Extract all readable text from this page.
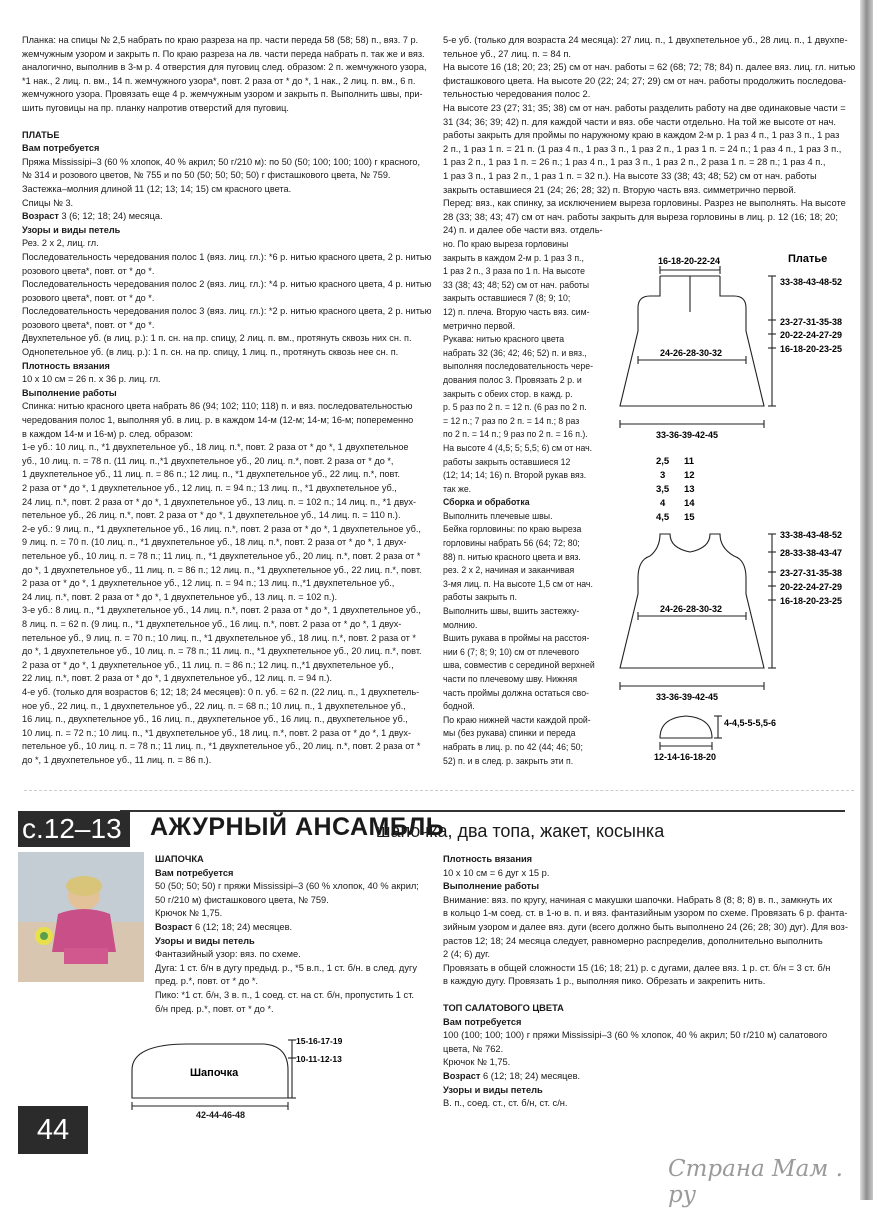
Планка: на спицы № 2,5 набрать по краю разреза на пр. части переда 58 (58; 58) п., вяз. 7 р.

жемчужным узором и закрыть п. По краю разреза на лв. части переда набрать п. так же и вяз.

аналогично, выполнив в 3-м р. 4 отверстия для пуговиц след. образом: 2 п. жемчужного узора,

*1 нак., 2 лиц. п. вм., 14 п. жемчужного узора*, повт. 2 раза от * до *, 1 нак., 2 лиц. п. вм., 6 п.

жемчужного узора. Провязать еще 4 р. жемчужным узором и закрыть п. Выполнить швы, при-

шить пуговицы на пр. планку напротив отверстий для пуговиц.

ПЛАТЬЕ

Вам потребуется

Пряжа Mississipi–3 (60 % хлопок, 40 % акрил; 50 г/210 м): по 50 (50; 100; 100; 100) г красного,

№ 314 и розового цветов, № 755 и по 50 (50; 50; 50; 50) г фисташкового цвета, № 759.

Застежка–молния длиной 11 (12; 13; 14; 15) см красного цвета.

Спицы № 3.

Возраст 3 (6; 12; 18; 24) месяца.

Узоры и виды петель

Рез. 2 х 2, лиц. гл.

Последовательность чередования полос 1 (вяз. лиц. гл.): *6 р. нитью красного цвета, 2 р. нитью

розового цвета*, повт. от * до *.

Последовательность чередования полос 2 (вяз. лиц. гл.): *4 р. нитью красного цвета, 4 р. нитью

розового цвета*, повт. от * до *.

Последовательность чередования полос 3 (вяз. лиц. гл.): *2 р. нитью красного цвета, 2 р. нитью

розового цвета*, повт. от * до *.

Двухпетельное уб. (в лиц. р.): 1 п. сн. на пр. спицу, 2 лиц. п. вм., протянуть сквозь них сн. п.

Однопетельное уб. (в лиц. р.): 1 п. сн. на пр. спицу, 1 лиц. п., протянуть сквозь нее сн. п.

Плотность вязания

10 х 10 см = 26 п. х 36 р. лиц. гл.

Выполнение работы

Спинка: нитью красного цвета набрать 86 (94; 102; 110; 118) п. и вяз. последовательностью

чередования полос 1, выполняя уб. в лиц. р. в каждом 14-м (12-м; 14-м; 16-м; попеременно

в каждом 14-м и 16-м) р. след. образом:

1-е уб.: 10 лиц. п., *1 двухпетельное уб., 18 лиц. п.*, повт. 2 раза от * до *, 1 двухпетельное

уб., 10 лиц. п. = 78 п. (11 лиц. п.,*1 двухпетельное уб., 20 лиц. п.*, повт. 2 раза от * до *,

1 двухпетельное уб., 11 лиц. п. = 86 п.; 12 лиц. п., *1 двухпетельное уб., 22 лиц. п.*, повт.

2 раза от * до *, 1 двухпетельное уб., 12 лиц. п. = 94 п.; 13 лиц. п., *1 двухпетельное уб.,

24 лиц. п.*, повт. 2 раза от * до *, 1 двухпетельное уб., 13 лиц. п. = 102 п.; 14 лиц. п., *1 двух-

петельное уб., 26 лиц. п.*, повт. 2 раза от * до *, 1 двухпетельное уб., 14 лиц. п. = 110 п.).

2-е уб.: 9 лиц. п., *1 двухпетельное уб., 16 лиц. п.*, повт. 2 раза от * до *, 1 двухпетельное уб.,

9 лиц. п. = 70 п. (10 лиц. п., *1 двухпетельное уб., 18 лиц. п.*, повт. 2 раза от * до *, 1 двух-

петельное уб., 10 лиц. п. = 78 п.; 11 лиц. п., *1 двухпетельное уб., 20 лиц. п.*, повт. 2 раза от *

до *, 1 двухпетельное уб., 11 лиц. п. = 86 п.; 12 лиц. п., *1 двухпетельное уб., 22 лиц. п.*, повт.

2 раза от * до *, 1 двухпетельное уб., 12 лиц. п. = 94 п.; 13 лиц. п.,*1 двухпетельное уб.,

24 лиц. п.*, повт. 2 раза от * до *, 1 двухпетельное уб., 13 лиц. п. = 102 п.).

3-е уб.: 8 лиц. п., *1 двухпетельное уб., 14 лиц. п.*, повт. 2 раза от * до *, 1 двухпетельное уб.,

8 лиц. п. = 62 п. (9 лиц. п., *1 двухпетельное уб., 16 лиц. п.*, повт. 2 раза от * до *, 1 двух-

петельное уб., 9 лиц. п. = 70 п.; 10 лиц. п., *1 двухпетельное уб., 18 лиц. п.*, повт. 2 раза от *

до *, 1 двухпетельное уб., 10 лиц. п. = 78 п.; 11 лиц. п., *1 двухпетельное уб., 20 лиц. п.*, повт.

2 раза от * до *, 1 двухпетельное уб., 11 лиц. п. = 86 п.; 12 лиц. п.,*1 двухпетельное уб.,

22 лиц. п.*, повт. 2 раза от * до *, 1 двухпетельное уб., 12 лиц. п. = 94 п.).

4-е уб. (только для возрастов 6; 12; 18; 24 месяцев): 0 п. уб. = 62 п. (22 лиц. п., 1 двухпетель-

ное уб., 22 лиц. п., 1 двухпетельное уб., 22 лиц. п. = 68 п.; 10 лиц. п., 1 двухпетельное уб.,

16 лиц. п., двухпетельное уб., 16 лиц. п., двухпетельное уб., 16 лиц. п., двухпетельное уб.,

10 лиц. п. = 72 п.; 10 лиц. п., *1 двухпетельное уб., 18 лиц. п.*, повт. 2 раза от * до *, 1 двух-

петельное уб., 10 лиц. п. = 78 п.; 11 лиц. п., *1 двухпетельное уб., 20 лиц. п.*, повт. 2 раза от *

до *, 1 двухпетельное уб., 11 лиц. п. = 86 п.).

5-е уб. (только для возраста 24 месяца): 27 лиц. п., 1 двухпетельное уб., 28 лиц. п., 1 двухпе-

тельное уб., 27 лиц. п. = 84 п.

На высоте 16 (18; 20; 23; 25) см от нач. работы = 62 (68; 72; 78; 84) п. далее вяз. лиц. гл. нитью

фисташкового цвета. На высоте 20 (22; 24; 27; 29) см от нач. работы продолжить последова-

тельностью чередования полос 2.

На высоте 23 (27; 31; 35; 38) см от нач. работы разделить работу на две одинаковые части =

31 (34; 36; 39; 42) п. для каждой части и вяз. обе части отдельно. На той же высоте от нач.

работы закрыть для проймы по наружному краю в каждом 2-м р. 1 раз 4 п., 1 раз 3 п., 1 раз

2 п., 1 раз 1 п. = 21 п. (1 раз 4 п., 1 раз 3 п., 1 раз 2 п., 1 раз 1 п. = 24 п.; 1 раз 4 п., 1 раз 3 п.,

1 раз 2 п., 1 раз 1 п. = 26 п.; 1 раз 4 п., 1 раз 3 п., 1 раз 2 п., 2 раза 1 п. = 28 п.; 1 раз 4 п.,

1 раз 3 п., 1 раз 2 п., 1 раз 1 п. = 32 п.). На высоте 33 (38; 43; 48; 52) см от нач. работы

закрыть оставшиеся 21 (24; 26; 28; 32) п. Вторую часть вяз. симметрично первой.

Перед: вяз., как спинку, за исключением выреза горловины. Разрез не выполнять. На высоте

28 (33; 38; 43; 47) см от нач. работы закрыть для выреза горловины в лиц. р. 12 (16; 18; 20;

24) п. и далее обе части вяз. отдель-

но. По краю выреза горловины

закрыть в каждом 2-м р. 1 раз 3 п.,

1 раз 2 п., 3 раза по 1 п. На высоте

33 (38; 43; 48; 52) см от нач. работы

закрыть оставшиеся 7 (8; 9; 10;

12) п. плеча. Вторую часть вяз. сим-

метрично первой.

Рукава: нитью красного цвета

набрать 32 (36; 42; 46; 52) п. и вяз.,

выполняя последовательность чере-

дования полос 3. Провязать 2 р. и

закрыть с обеих стор. в кажд. р.

р. 5 раз по 2 п. = 12 п. (6 раз по 2 п.

= 12 п.; 7 раз по 2 п. = 14 п.; 8 раз

по 2 п. = 14 п.; 9 раз по 2 п. = 16 п.).

На высоте 4 (4,5; 5; 5,5; 6) см от нач.

работы закрыть оставшиеся 12

(12; 14; 14; 16) п. Второй рукав вяз.

так же.

Сборка и обработка

Выполнить плечевые швы.

Бейка горловины: по краю выреза

горловины набрать 56 (64; 72; 80;

88) п. нитью красного цвета и вяз.

рез. 2 х 2, начиная и заканчивая

3-мя лиц. п. На высоте 1,5 см от нач.

работы закрыть п.

Выполнить швы, вшить застежку-

молнию.

Вшить рукава в проймы на расстоя-

нии 6 (7; 8; 9; 10) см от плечевого

шва, совместив с серединой верхней

части по плечевому шву. Нижняя

часть проймы должна остаться сво-

бодной.

По краю нижней части каждой прой-

мы (без рукава) спинки и переда

набрать в лиц. р. по 42 (44; 46; 50;

52) п. и в след. р. закрыть эти п.

Платье
16-18-20-22-24
24-26-28-30-32
33-36-39-42-45
33-38-43-48-52
23-27-31-35-38
20-22-24-27-29
16-18-20-23-25
2,5 11
3 12
3,5 13
4 14
4,5 15
24-26-28-30-32
33-36-39-42-45
33-38-43-48-52
28-33-38-43-47
23-27-31-35-38
20-22-24-27-29
16-18-20-23-25
4-4,5-5-5,5-6
12-14-16-18-20
с.12–13	АЖУРНЫЙ АНСАМБЛЬ
шапочка, два топа, жакет, косынка

ШАПОЧКА

Вам потребуется

50 (50; 50; 50) г пряжи Mississipi–3 (60 % хлопок, 40 % акрил;

50 г/210 м) фисташкового цвета, № 759.

Крючок № 1,75.

Возраст 6 (12; 18; 24) месяцев.

Узоры и виды петель

Фантазийный узор: вяз. по схеме.

Дуга: 1 ст. б/н в дугу предыд. р., *5 в.п., 1 ст. б/н. в след. дугу

пред. р.*, повт. от * до *.

Пико: *1 ст. б/н, 3 в. п., 1 соед. ст. на ст. б/н, пропустить 1 ст.

б/н пред. р.*, повт. от * до *.

Шапочка
15-16-17-19
10-11-12-13
42-44-46-48

Плотность вязания

10 х 10 см = 6 дуг х 15 р.

Выполнение работы

Внимание: вяз. по кругу, начиная с макушки шапочки. Набрать 8 (8; 8; 8) в. п., замкнуть их

в кольцо 1-м соед. ст. в 1-ю в. п. и вяз. фантазийным узором по схеме. Провязать 6 р. фанта-

зийным узором и далее вяз. дуги (всего должно быть выполнено 24 (26; 28; 30) дуг). Для воз-

растов 12; 18; 24 месяца следует, равномерно распределив, дополнительно выполнить

2 (4; 6) дуг.

Провязать в общей сложности 15 (16; 18; 21) р. с дугами, далее вяз. 1 р. ст. б/н = 3 ст. б/н

в каждую дугу. Провязать 1 р., выполняя пико. Обрезать и закрепить нить.

ТОП САЛАТОВОГО ЦВЕТА

Вам потребуется

100 (100; 100; 100) г пряжи Mississipi–3 (60 % хлопок, 40 % акрил; 50 г/210 м) салатового

цвета, № 762.

Крючок № 1,75.

Возраст 6 (12; 18; 24) месяцев.

Узоры и виды петель

В. п., соед. ст., ст. б/н, ст. с/н.

44
Страна Мам . ру
